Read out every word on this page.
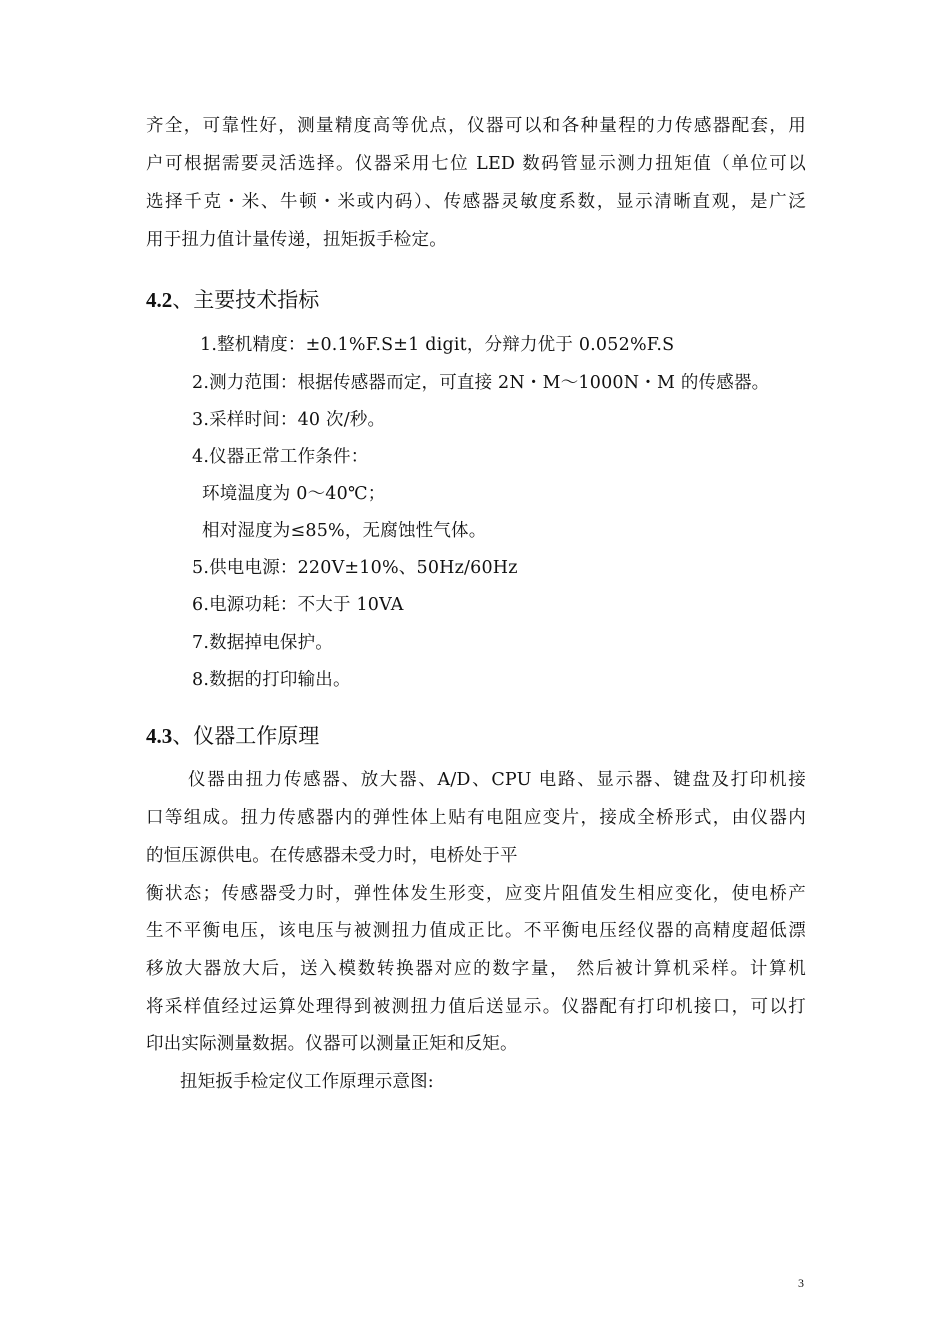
齐全，可靠性好，测量精度高等优点，仪器可以和各种量程的力传感器配套，用
户可根据需要灵活选择。仪器采用七位 LED 数码管显示测力扭矩值（单位可以
选择千克・米、牛顿・米或内码）、传感器灵敏度系数，显示清晰直观，是广泛
用于扭力值计量传递，扭矩扳手检定。
4.2、主要技术指标
1.整机精度：±0.1%F.S±1 digit，分辩力优于 0.052%F.S
2.测力范围：根据传感器而定，可直接 2N・M～1000N・M 的传感器。
3.采样时间：40 次/秒。
4.仪器正常工作条件：
环境温度为 0～40℃；
相对湿度为≤85%，无腐蚀性气体。
5.供电电源：220V±10%、50Hz/60Hz
6.电源功耗：不大于 10VA
7.数据掉电保护。
8.数据的打印输出。
4.3、仪器工作原理
仪器由扭力传感器、放大器、A/D、CPU 电路、显示器、键盘及打印机接
口等组成。扭力传感器内的弹性体上贴有电阻应变片，接成全桥形式，由仪器内
的恒压源供电。在传感器未受力时，电桥处于平
衡状态；传感器受力时，弹性体发生形变，应变片阻值发生相应变化，使电桥产
生不平衡电压，该电压与被测扭力值成正比。不平衡电压经仪器的高精度超低漂
移放大器放大后，送入模数转换器对应的数字量， 然后被计算机采样。计算机
将采样值经过运算处理得到被测扭力值后送显示。仪器配有打印机接口，可以打
印出实际测量数据。仪器可以测量正矩和反矩。
扭矩扳手检定仪工作原理示意图:
3
